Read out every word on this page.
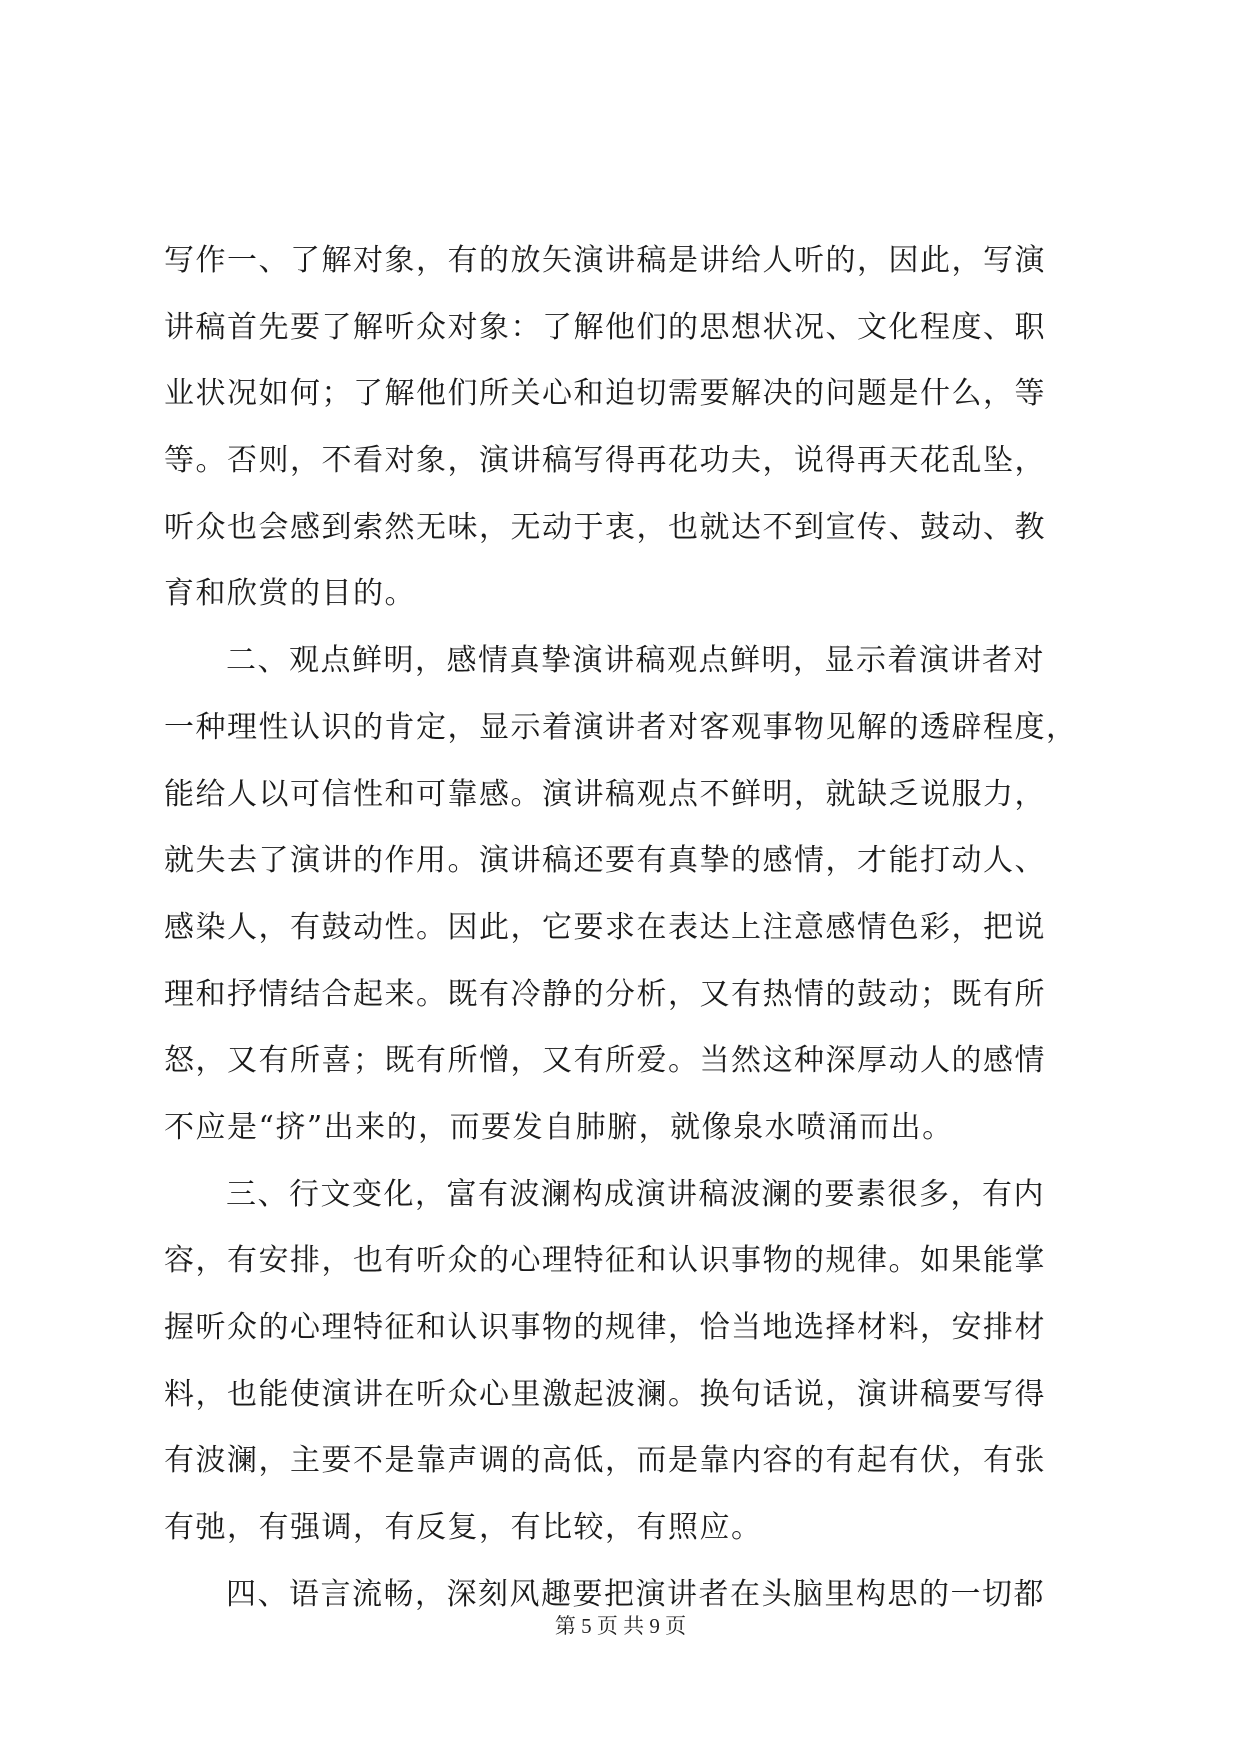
写作一、了解对象，有的放矢演讲稿是讲给人听的，因此，写演
讲稿首先要了解听众对象：了解他们的思想状况、文化程度、职
业状况如何；了解他们所关心和迫切需要解决的问题是什么，等
等。否则，不看对象，演讲稿写得再花功夫，说得再天花乱坠，
听众也会感到索然无味，无动于衷，也就达不到宣传、鼓动、教
育和欣赏的目的。
二、观点鲜明，感情真挚演讲稿观点鲜明，显示着演讲者对
一种理性认识的肯定，显示着演讲者对客观事物见解的透辟程度，
能给人以可信性和可靠感。演讲稿观点不鲜明，就缺乏说服力，
就失去了演讲的作用。演讲稿还要有真挚的感情，才能打动人、
感染人，有鼓动性。因此，它要求在表达上注意感情色彩，把说
理和抒情结合起来。既有冷静的分析，又有热情的鼓动；既有所
怒，又有所喜；既有所憎，又有所爱。当然这种深厚动人的感情
不应是“挤”出来的，而要发自肺腑，就像泉水喷涌而出。
三、行文变化，富有波澜构成演讲稿波澜的要素很多，有内
容，有安排，也有听众的心理特征和认识事物的规律。如果能掌
握听众的心理特征和认识事物的规律，恰当地选择材料，安排材
料，也能使演讲在听众心里激起波澜。换句话说，演讲稿要写得
有波澜，主要不是靠声调的高低，而是靠内容的有起有伏，有张
有弛，有强调，有反复，有比较，有照应。
四、语言流畅，深刻风趣要把演讲者在头脑里构思的一切都
第 5 页 共 9 页
